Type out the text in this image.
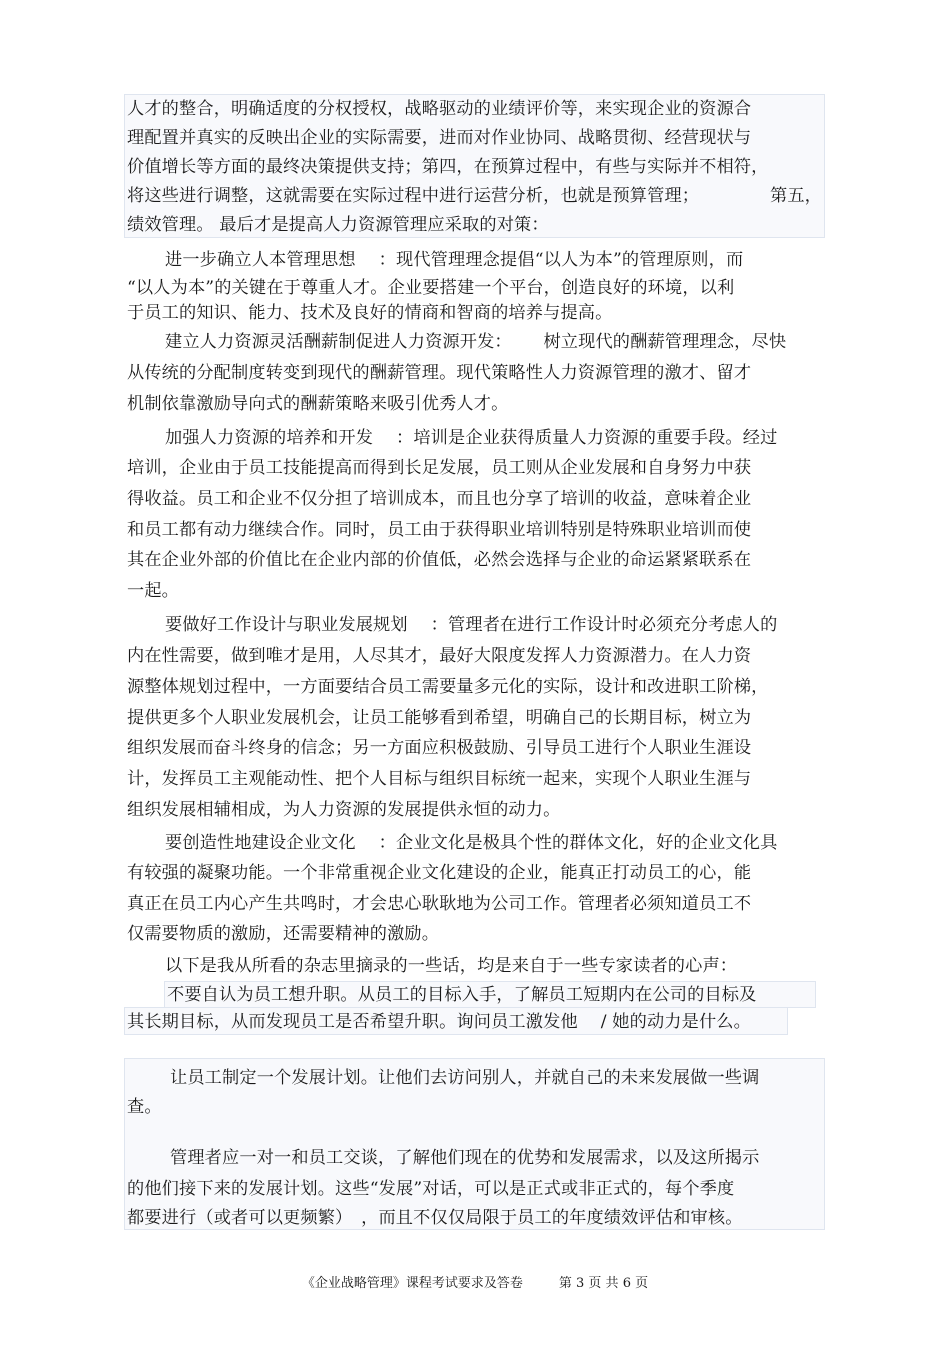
人才的整合，明确适度的分权授权，战略驱动的业绩评价等，来实现企业的资源合
理配置并真实的反映出企业的实际需要，进而对作业协同、战略贯彻、经营现状与
价值增长等方面的最终决策提供支持；第四，在预算过程中，有些与实际并不相符，
将这些进行调整，这就需要在实际过程中进行运营分析，也就是预算管理；	第五，
绩效管理。 最后才是提高人力资源管理应采取的对策：
进一步确立人本管理思想　 ：现代管理理念提倡“以人为本”的管理原则，而
“以人为本”的关键在于尊重人才。企业要搭建一个平台，创造良好的环境，以利
于员工的知识、能力、技术及良好的情商和智商的培养与提高。
建立人力资源灵活酬薪制促进人力资源开发：　　 树立现代的酬薪管理理念，尽快
从传统的分配制度转变到现代的酬薪管理。现代策略性人力资源管理的激才、留才
机制依靠激励导向式的酬薪策略来吸引优秀人才。
加强人力资源的培养和开发　 ：培训是企业获得质量人力资源的重要手段。经过
培训，企业由于员工技能提高而得到长足发展，员工则从企业发展和自身努力中获
得收益。员工和企业不仅分担了培训成本，而且也分享了培训的收益，意味着企业
和员工都有动力继续合作。同时，员工由于获得职业培训特别是特殊职业培训而使
其在企业外部的价值比在企业内部的价值低，必然会选择与企业的命运紧紧联系在
一起。
要做好工作设计与职业发展规划　 ：管理者在进行工作设计时必须充分考虑人的
内在性需要，做到唯才是用，人尽其才，最好大限度发挥人力资源潜力。在人力资
源整体规划过程中，一方面要结合员工需要量多元化的实际，设计和改进职工阶梯，
提供更多个人职业发展机会，让员工能够看到希望，明确自己的长期目标，树立为
组织发展而奋斗终身的信念；另一方面应积极鼓励、引导员工进行个人职业生涯设
计，发挥员工主观能动性、把个人目标与组织目标统一起来，实现个人职业生涯与
组织发展相辅相成，为人力资源的发展提供永恒的动力。
要创造性地建设企业文化　 ：企业文化是极具个性的群体文化，好的企业文化具
有较强的凝聚功能。一个非常重视企业文化建设的企业，能真正打动员工的心，能
真正在员工内心产生共鸣时，才会忠心耿耿地为公司工作。管理者必须知道员工不
仅需要物质的激励，还需要精神的激励。
以下是我从所看的杂志里摘录的一些话，均是来自于一些专家读者的心声：
不要自认为员工想升职。从员工的目标入手，了解员工短期内在公司的目标及
其长期目标，从而发现员工是否希望升职。询问员工激发他　 / 她的动力是什么。
让员工制定一个发展计划。让他们去访问别人，并就自己的未来发展做一些调
查。
管理者应一对一和员工交谈，了解他们现在的优势和发展需求，以及这所揭示
的他们接下来的发展计划。这些“发展”对话，可以是正式或非正式的，每个季度
都要进行（或者可以更频繁）　，而且不仅仅局限于员工的年度绩效评估和审核。
《企业战略管理》课程考试要求及答卷	第 3 页 共 6 页
